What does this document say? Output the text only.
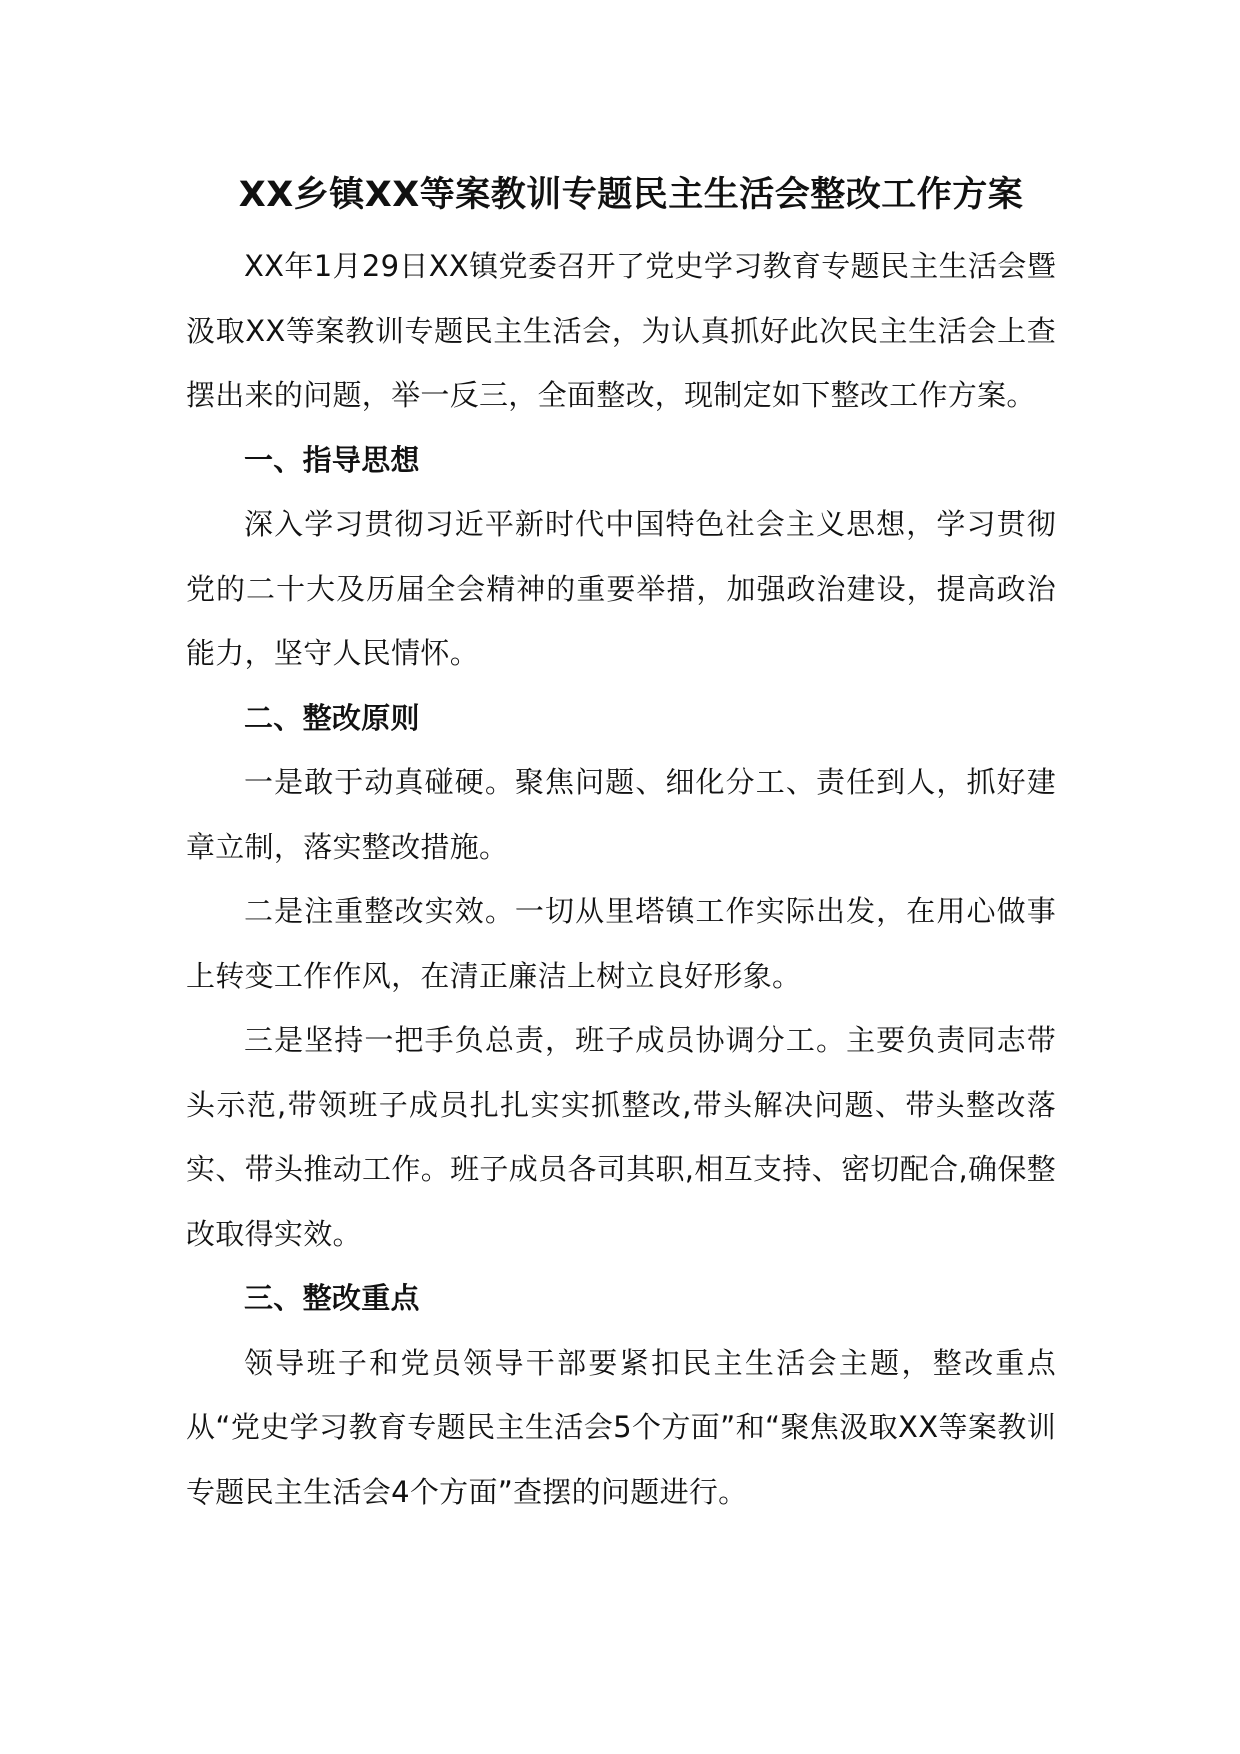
XX乡镇XX等案教训专题民主生活会整改工作方案

XX年1月29日XX镇党委召开了党史学习教育专题民主生活会暨汲取XX等案教训专题民主生活会，为认真抓好此次民主生活会上查摆出来的问题，举一反三，全面整改，现制定如下整改工作方案。

一、指导思想

深入学习贯彻习近平新时代中国特色社会主义思想，学习贯彻党的二十大及历届全会精神的重要举措，加强政治建设，提高政治能力，坚守人民情怀。

二、整改原则

一是敢于动真碰硬。聚焦问题、细化分工、责任到人，抓好建章立制，落实整改措施。

二是注重整改实效。一切从里塔镇工作实际出发，在用心做事上转变工作作风，在清正廉洁上树立良好形象。

三是坚持一把手负总责，班子成员协调分工。主要负责同志带头示范,带领班子成员扎扎实实抓整改,带头解决问题、带头整改落实、带头推动工作。班子成员各司其职,相互支持、密切配合,确保整改取得实效。

三、整改重点

领导班子和党员领导干部要紧扣民主生活会主题，整改重点从“党史学习教育专题民主生活会5个方面”和“聚焦汲取XX等案教训专题民主生活会4个方面”查摆的问题进行。
